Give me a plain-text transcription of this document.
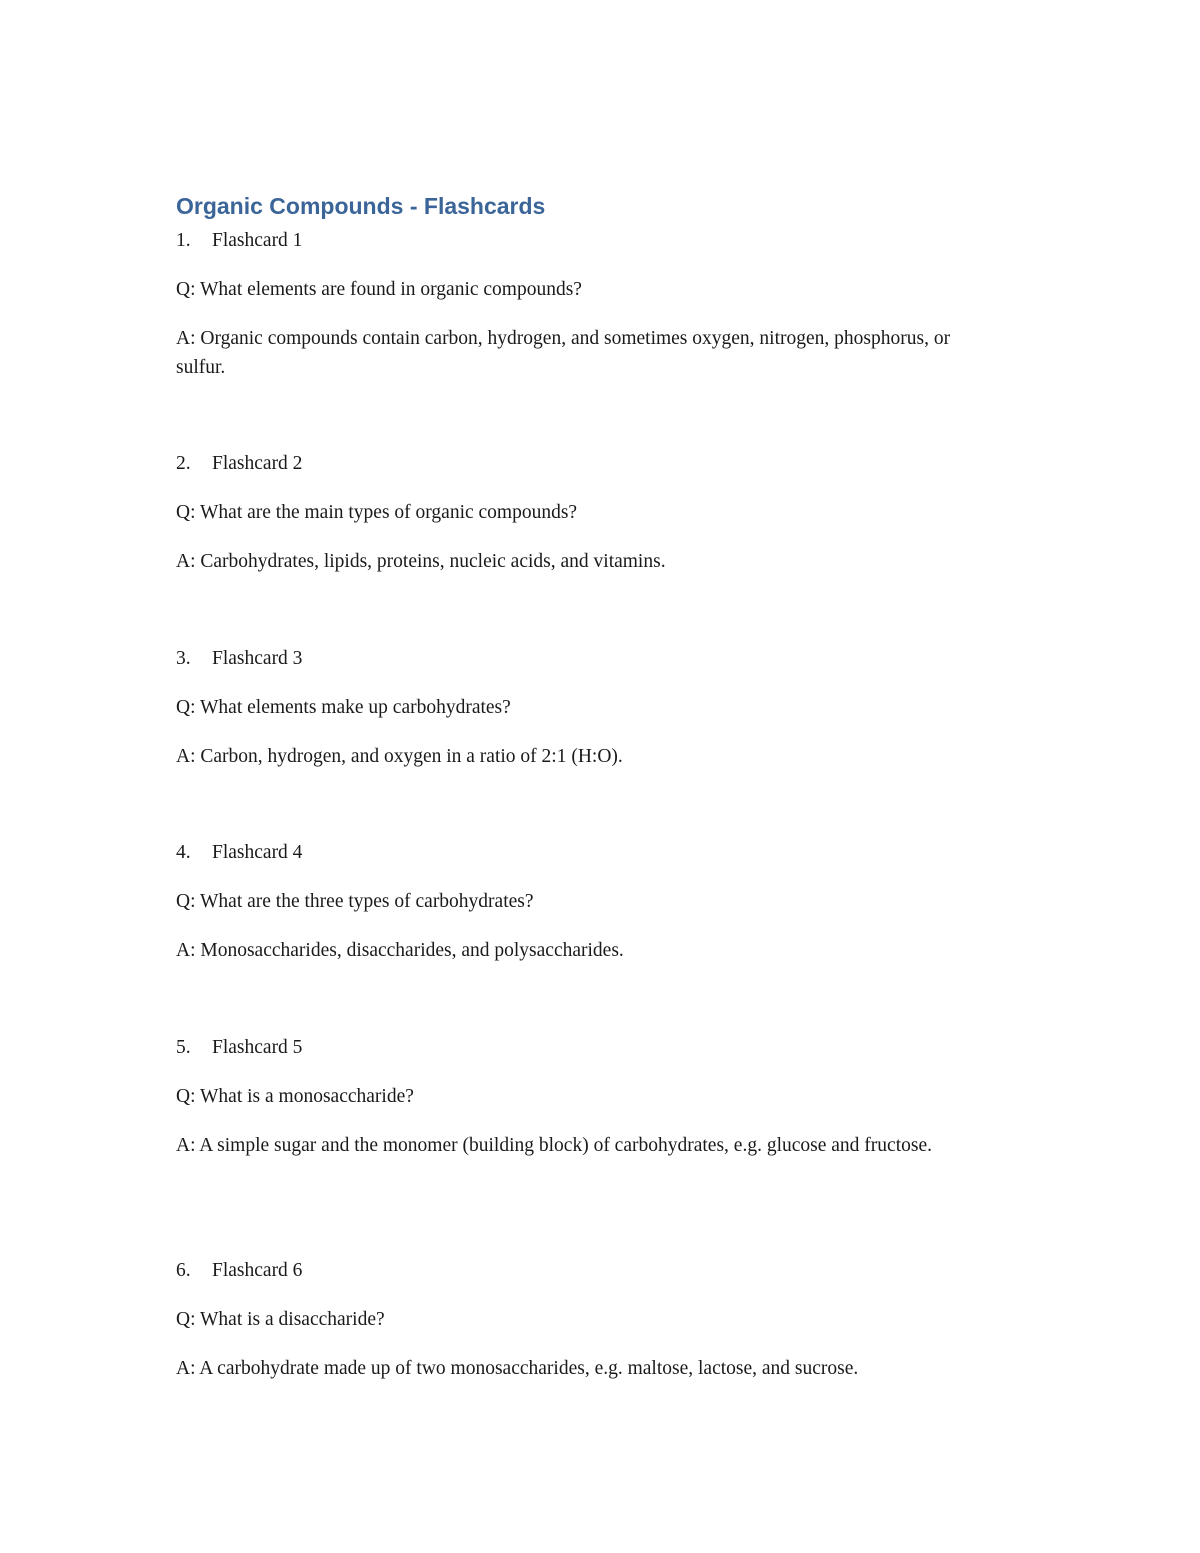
Organic Compounds - Flashcards
1. Flashcard 1
Q: What elements are found in organic compounds?
A: Organic compounds contain carbon, hydrogen, and sometimes oxygen, nitrogen, phosphorus, or sulfur.
2. Flashcard 2
Q: What are the main types of organic compounds?
A: Carbohydrates, lipids, proteins, nucleic acids, and vitamins.
3. Flashcard 3
Q: What elements make up carbohydrates?
A: Carbon, hydrogen, and oxygen in a ratio of 2:1 (H:O).
4. Flashcard 4
Q: What are the three types of carbohydrates?
A: Monosaccharides, disaccharides, and polysaccharides.
5. Flashcard 5
Q: What is a monosaccharide?
A: A simple sugar and the monomer (building block) of carbohydrates, e.g. glucose and fructose.
6. Flashcard 6
Q: What is a disaccharide?
A: A carbohydrate made up of two monosaccharides, e.g. maltose, lactose, and sucrose.
